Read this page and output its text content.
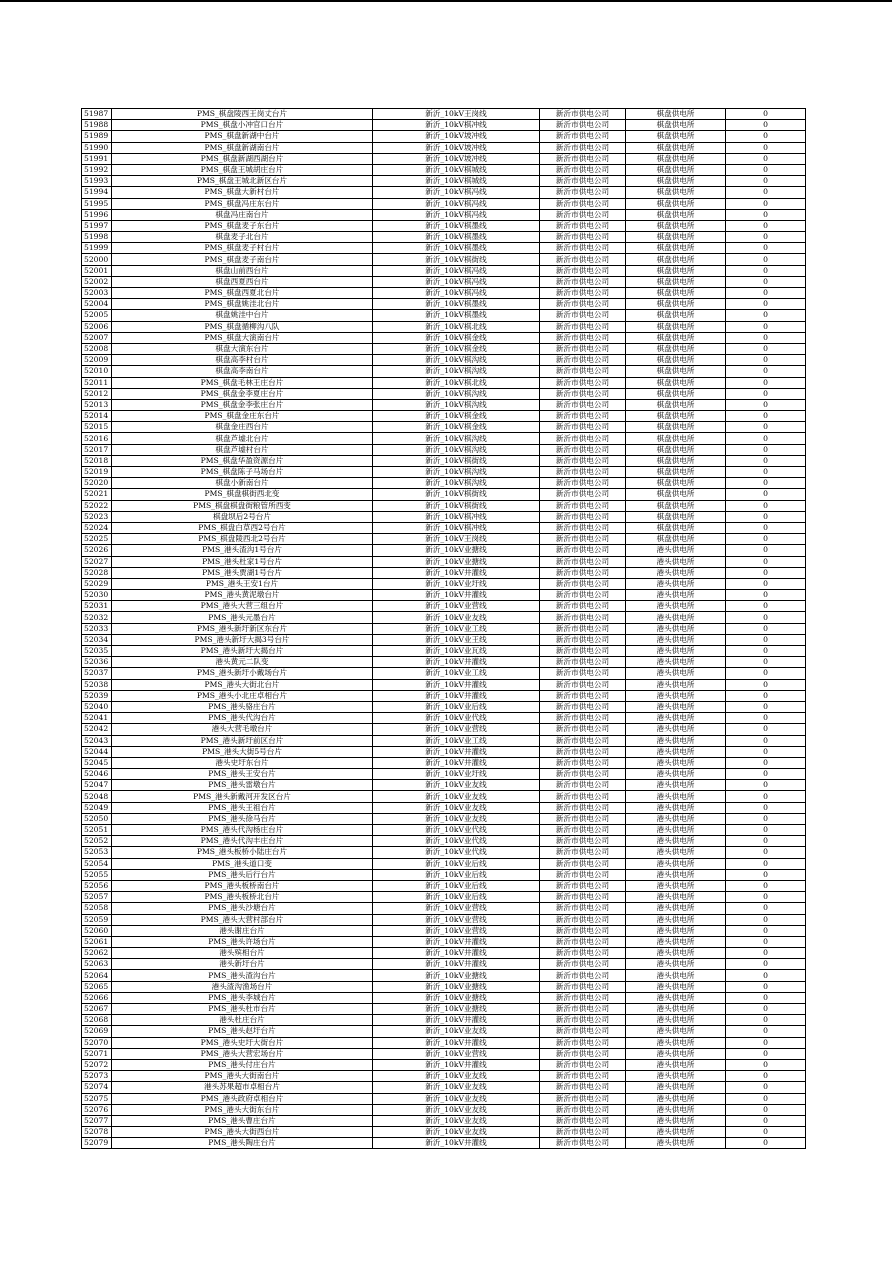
51987	PMS_棋盘陵西王岗丈台片	新沂_10kV王岗线	新沂市供电公司	棋盘供电所	0
51988	PMS_棋盘小冲官口台片	新沂_10kV棋冲线	新沂市供电公司	棋盘供电所	0
51989	PMS_棋盘新湖中台片	新沂_10kV坡冲线	新沂市供电公司	棋盘供电所	0
51990	PMS_棋盘新湖南台片	新沂_10kV坡冲线	新沂市供电公司	棋盘供电所	0
51991	PMS_棋盘新湖西湖台片	新沂_10kV坡冲线	新沂市供电公司	棋盘供电所	0
51992	PMS_棋盘王城胡庄台片	新沂_10kV棋城线	新沂市供电公司	棋盘供电所	0
51993	PMS_棋盘王城北新区台片	新沂_10kV棋城线	新沂市供电公司	棋盘供电所	0
51994	PMS_棋盘大新村台片	新沂_10kV棋冯线	新沂市供电公司	棋盘供电所	0
51995	PMS_棋盘冯庄东台片	新沂_10kV棋冯线	新沂市供电公司	棋盘供电所	0
51996	棋盘冯庄南台片	新沂_10kV棋冯线	新沂市供电公司	棋盘供电所	0
51997	PMS_棋盘麦子东台片	新沂_10kV棋墨线	新沂市供电公司	棋盘供电所	0
51998	棋盘麦子北台片	新沂_10kV棋墨线	新沂市供电公司	棋盘供电所	0
51999	PMS_棋盘麦子村台片	新沂_10kV棋墨线	新沂市供电公司	棋盘供电所	0
52000	PMS_棋盘麦子南台片	新沂_10kV棋街线	新沂市供电公司	棋盘供电所	0
52001	棋盘山前西台片	新沂_10kV棋冯线	新沂市供电公司	棋盘供电所	0
52002	棋盘西夏西台片	新沂_10kV棋冯线	新沂市供电公司	棋盘供电所	0
52003	PMS_棋盘西夏北台片	新沂_10kV棋冯线	新沂市供电公司	棋盘供电所	0
52004	PMS_棋盘姚洼北台片	新沂_10kV棋墨线	新沂市供电公司	棋盘供电所	0
52005	棋盘姚洼中台片	新沂_10kV棋墨线	新沂市供电公司	棋盘供电所	0
52006	PMS_棋盘循柳沟八队	新沂_10kV棋北线	新沂市供电公司	棋盘供电所	0
52007	PMS_棋盘大演南台片	新沂_10kV棋金线	新沂市供电公司	棋盘供电所	0
52008	棋盘大演东台片	新沂_10kV棋金线	新沂市供电公司	棋盘供电所	0
52009	棋盘高李村台片	新沂_10kV棋沟线	新沂市供电公司	棋盘供电所	0
52010	棋盘高李南台片	新沂_10kV棋沟线	新沂市供电公司	棋盘供电所	0
52011	PMS_棋盘毛林王庄台片	新沂_10kV棋北线	新沂市供电公司	棋盘供电所	0
52012	PMS_棋盘金李夏庄台片	新沂_10kV棋沟线	新沂市供电公司	棋盘供电所	0
52013	PMS_棋盘金李张庄台片	新沂_10kV棋沟线	新沂市供电公司	棋盘供电所	0
52014	PMS_棋盘金庄东台片	新沂_10kV棋金线	新沂市供电公司	棋盘供电所	0
52015	棋盘金庄西台片	新沂_10kV棋金线	新沂市供电公司	棋盘供电所	0
52016	棋盘芦墟北台片	新沂_10kV棋沟线	新沂市供电公司	棋盘供电所	0
52017	棋盘芦墟村台片	新沂_10kV棋沟线	新沂市供电公司	棋盘供电所	0
52018	PMS_棋盘华盈资源台片	新沂_10kV棋街线	新沂市供电公司	棋盘供电所	0
52019	PMS_棋盘陈子马场台片	新沂_10kV棋沟线	新沂市供电公司	棋盘供电所	0
52020	棋盘小新南台片	新沂_10kV棋沟线	新沂市供电公司	棋盘供电所	0
52021	PMS_棋盘棋街西北变	新沂_10kV棋街线	新沂市供电公司	棋盘供电所	0
52022	PMS_棋盘棋盘街粮管所西变	新沂_10kV棋街线	新沂市供电公司	棋盘供电所	0
52023	棋盘坝后2号台片	新沂_10kV棋冲线	新沂市供电公司	棋盘供电所	0
52024	PMS_棋盘白草西2号台片	新沂_10kV棋冲线	新沂市供电公司	棋盘供电所	0
52025	PMS_棋盘陵西北2号台片	新沂_10kV王岗线	新沂市供电公司	棋盘供电所	0
52026	PMS_港头渣沟1号台片	新沂_10kV业搪线	新沂市供电公司	港头供电所	0
52027	PMS_港头杜家1号台片	新沂_10kV业搪线	新沂市供电公司	港头供电所	0
52028	PMS_港头贾湖1号台片	新沂_10kV井灌线	新沂市供电公司	港头供电所	0
52029	PMS_港头王安1台片	新沂_10kV业圩线	新沂市供电公司	港头供电所	0
52030	PMS_港头黄泥墩台片	新沂_10kV井灌线	新沂市供电公司	港头供电所	0
52031	PMS_港头大营三组台片	新沂_10kV业营线	新沂市供电公司	港头供电所	0
52032	PMS_港头元墨台片	新沂_10kV业友线	新沂市供电公司	港头供电所	0
52033	PMS_港头新圩新区东台片	新沂_10kV业工线	新沂市供电公司	港头供电所	0
52034	PMS_港头新圩大揭3号台片	新沂_10kV业王线	新沂市供电公司	港头供电所	0
52035	PMS_港头新圩大揭台片	新沂_10kV业瓦线	新沂市供电公司	港头供电所	0
52036	港头黄元二队变	新沂_10kV井灌线	新沂市供电公司	港头供电所	0
52037	PMS_港头新圩小戴场台片	新沂_10kV业工线	新沂市供电公司	港头供电所	0
52038	PMS_港头大街北台片	新沂_10kV井灌线	新沂市供电公司	港头供电所	0
52039	PMS_港头小北庄卓相台片	新沂_10kV井灌线	新沂市供电公司	港头供电所	0
52040	PMS_港头骆庄台片	新沂_10kV业后线	新沂市供电公司	港头供电所	0
52041	PMS_港头代沟台片	新沂_10kV业代线	新沂市供电公司	港头供电所	0
52042	港头大营毛墩台片	新沂_10kV业营线	新沂市供电公司	港头供电所	0
52043	PMS_港头新圩前区台片	新沂_10kV业工线	新沂市供电公司	港头供电所	0
52044	PMS_港头大街5号台片	新沂_10kV井灌线	新沂市供电公司	港头供电所	0
52045	港头史圩东台片	新沂_10kV井灌线	新沂市供电公司	港头供电所	0
52046	PMS_港头王安台片	新沂_10kV业圩线	新沂市供电公司	港头供电所	0
52047	PMS_港头雷墩台片	新沂_10kV业友线	新沂市供电公司	港头供电所	0
52048	PMS_港头新戴河开发区台片	新沂_10kV业友线	新沂市供电公司	港头供电所	0
52049	PMS_港头王祖台片	新沂_10kV业友线	新沂市供电公司	港头供电所	0
52050	PMS_港头徐马台片	新沂_10kV业友线	新沂市供电公司	港头供电所	0
52051	PMS_港头代沟杨庄台片	新沂_10kV业代线	新沂市供电公司	港头供电所	0
52052	PMS_港头代沟丰庄台片	新沂_10kV业代线	新沂市供电公司	港头供电所	0
52053	PMS_港头板桥小陆庄台片	新沂_10kV业代线	新沂市供电公司	港头供电所	0
52054	PMS_港头道口变	新沂_10kV业后线	新沂市供电公司	港头供电所	0
52055	PMS_港头后行台片	新沂_10kV业后线	新沂市供电公司	港头供电所	0
52056	PMS_港头板桥南台片	新沂_10kV业后线	新沂市供电公司	港头供电所	0
52057	PMS_港头板桥北台片	新沂_10kV业后线	新沂市供电公司	港头供电所	0
52058	PMS_港头沙塘台片	新沂_10kV业营线	新沂市供电公司	港头供电所	0
52059	PMS_港头大营村部台片	新沂_10kV业营线	新沂市供电公司	港头供电所	0
52060	港头谢庄台片	新沂_10kV业营线	新沂市供电公司	港头供电所	0
52061	PMS_港头许场台片	新沂_10kV井灌线	新沂市供电公司	港头供电所	0
52062	港头殡相台片	新沂_10kV井灌线	新沂市供电公司	港头供电所	0
52063	港头新圩台片	新沂_10kV井灌线	新沂市供电公司	港头供电所	0
52064	PMS_港头渣沟台片	新沂_10kV业搪线	新沂市供电公司	港头供电所	0
52065	港头渣沟渔场台片	新沂_10kV业搪线	新沂市供电公司	港头供电所	0
52066	PMS_港头李城台片	新沂_10kV业搪线	新沂市供电公司	港头供电所	0
52067	PMS_港头杜市台片	新沂_10kV业搪线	新沂市供电公司	港头供电所	0
52068	港头杜庄台片	新沂_10kV井灌线	新沂市供电公司	港头供电所	0
52069	PMS_港头赵圩台片	新沂_10kV业友线	新沂市供电公司	港头供电所	0
52070	PMS_港头史圩大街台片	新沂_10kV井灌线	新沂市供电公司	港头供电所	0
52071	PMS_港头大营宏场台片	新沂_10kV业营线	新沂市供电公司	港头供电所	0
52072	PMS_港头付庄台片	新沂_10kV井灌线	新沂市供电公司	港头供电所	0
52073	PMS_港头大街南台片	新沂_10kV业友线	新沂市供电公司	港头供电所	0
52074	港头苏果超市卓相台片	新沂_10kV业友线	新沂市供电公司	港头供电所	0
52075	PMS_港头政府卓相台片	新沂_10kV业友线	新沂市供电公司	港头供电所	0
52076	PMS_港头大街东台片	新沂_10kV业友线	新沂市供电公司	港头供电所	0
52077	PMS_港头曹庄台片	新沂_10kV业友线	新沂市供电公司	港头供电所	0
52078	PMS_港头大街西台片	新沂_10kV业友线	新沂市供电公司	港头供电所	0
52079	PMS_港头陶庄台片	新沂_10kV井灌线	新沂市供电公司	港头供电所	0
